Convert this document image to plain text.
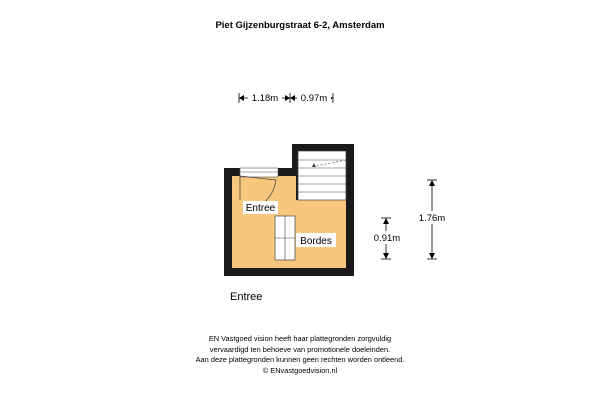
Piet Gijzenburgstraat 6-2, Amsterdam
Entree
Bordes
1.18m 0.97m
1.76m
0.91m
Entree
EN Vastgoed vision heeft haar plattegronden zorgvuldig
vervaardigd ten behoeve van promotionele doeleinden.
Aan deze plattegronden kunnen geen rechten worden ontleend.
© ENvastgoedvision.nl
